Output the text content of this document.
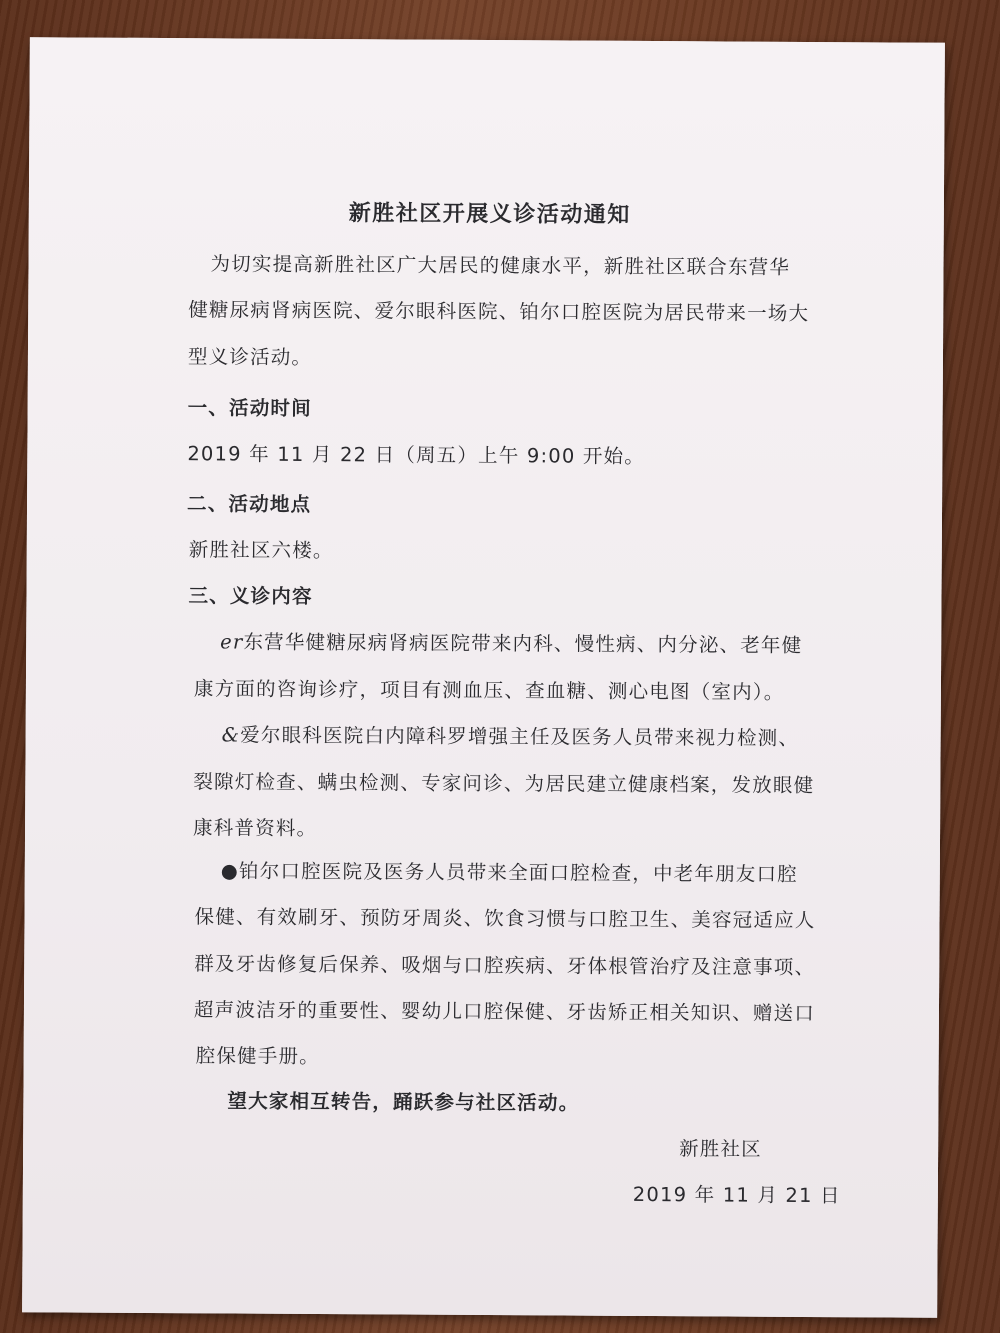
新胜社区开展义诊活动通知
为切实提高新胜社区广大居民的健康水平，新胜社区联合东营华
健糖尿病肾病医院、爱尔眼科医院、铂尔口腔医院为居民带来一场大
型义诊活动。
一、活动时间
2019 年 11 月 22 日（周五）上午 9:00 开始。
二、活动地点
新胜社区六楼。
三、义诊内容
er东营华健糖尿病肾病医院带来内科、慢性病、内分泌、老年健
康方面的咨询诊疗，项目有测血压、查血糖、测心电图（室内）。
&爱尔眼科医院白内障科罗增强主任及医务人员带来视力检测、
裂隙灯检查、螨虫检测、专家问诊、为居民建立健康档案，发放眼健
康科普资料。
●铂尔口腔医院及医务人员带来全面口腔检查，中老年朋友口腔
保健、有效刷牙、预防牙周炎、饮食习惯与口腔卫生、美容冠适应人
群及牙齿修复后保养、吸烟与口腔疾病、牙体根管治疗及注意事项、
超声波洁牙的重要性、婴幼儿口腔保健、牙齿矫正相关知识、赠送口
腔保健手册。
望大家相互转告，踊跃参与社区活动。
新胜社区
2019 年 11 月 21 日
